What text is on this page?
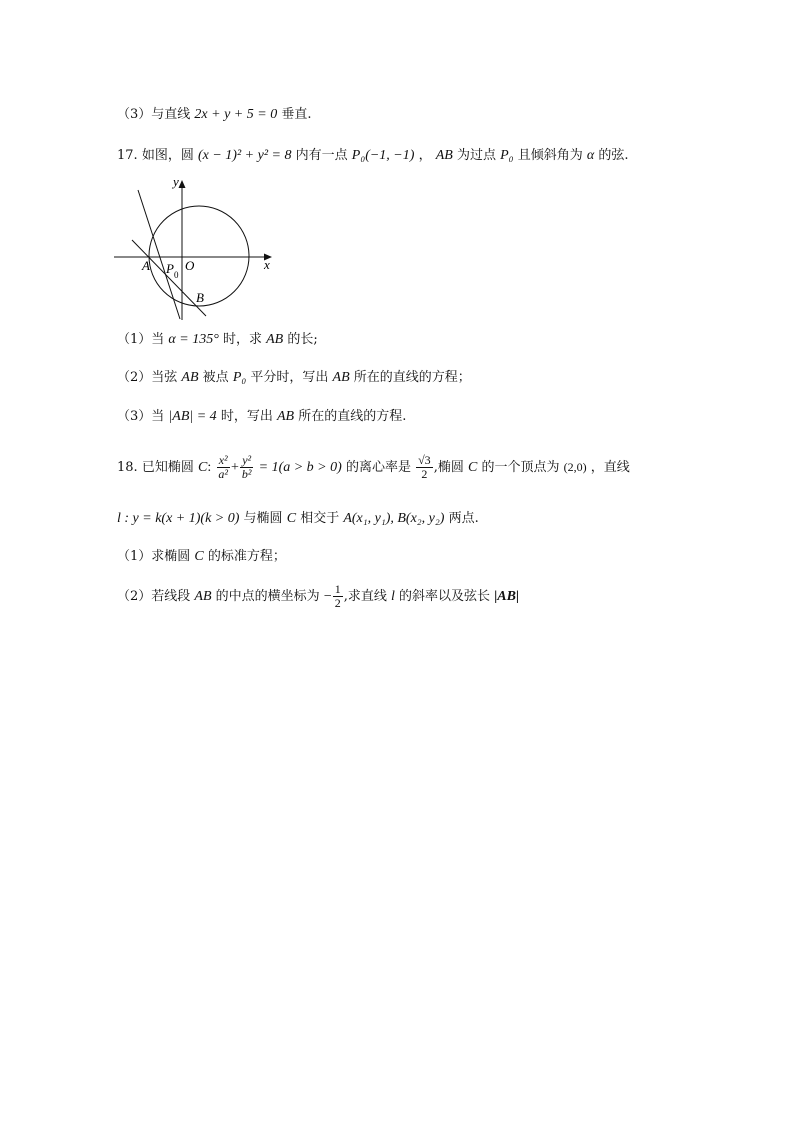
（3）与直线 2x + y + 5 = 0 垂直.
17. 如图，圆 (x − 1)² + y² = 8 内有一点 P₀(−1, −1) ， AB 为过点 P₀ 且倾斜角为 α 的弦.
y
x
O
A P 0
B
（1）当 α = 135° 时，求 AB 的长;
（2）当弦 AB 被点 P₀ 平分时，写出 AB 所在的直线的方程；
（3）当 |AB| = 4 时，写出 AB 所在的直线的方程.
18. 已知椭圆 C: $\frac{\text{x²}}{\text{a²}} + \frac{\text{y²}}{\text{b²}} = 1(a > b > 0)$ 的离心率是 $\frac{√3}{2}$ ,椭圆 C 的一个顶点为 (2,0) ，直线
l : y = k(x + 1)(k > 0) 与椭圆 C 相交于 A(x₁, y₁), B(x₂, y₂) 两点.
（1）求椭圆 C 的标准方程；
（2）若线段 AB 的中点的横坐标为 − $\frac{1}{2}$ ,求直线 l 的斜率以及弦长 |AB|
